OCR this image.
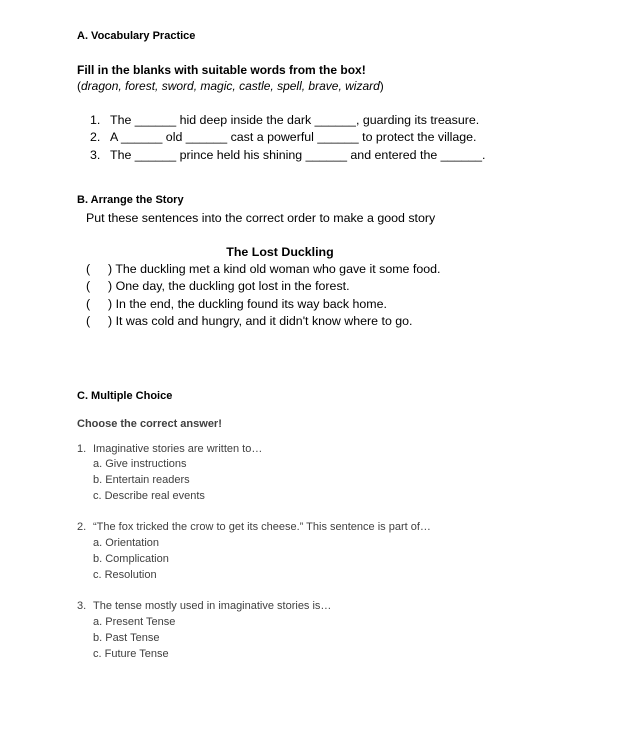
A. Vocabulary Practice
Fill in the blanks with suitable words from the box!
(dragon, forest, sword, magic, castle, spell, brave, wizard)
1. The ______ hid deep inside the dark ______, guarding its treasure.
2. A ______ old ______ cast a powerful ______ to protect the village.
3. The ______ prince held his shining ______ and entered the ______.
B. Arrange the Story
Put these sentences into the correct order to make a good story
The Lost Duckling
( ) The duckling met a kind old woman who gave it some food.
( ) One day, the duckling got lost in the forest.
( ) In the end, the duckling found its way back home.
( ) It was cold and hungry, and it didn't know where to go.
C. Multiple Choice
Choose the correct answer!
1. Imaginative stories are written to…
a. Give instructions
b. Entertain readers
c. Describe real events
2. “The fox tricked the crow to get its cheese.” This sentence is part of…
a. Orientation
b. Complication
c. Resolution
3. The tense mostly used in imaginative stories is…
a. Present Tense
b. Past Tense
c. Future Tense
